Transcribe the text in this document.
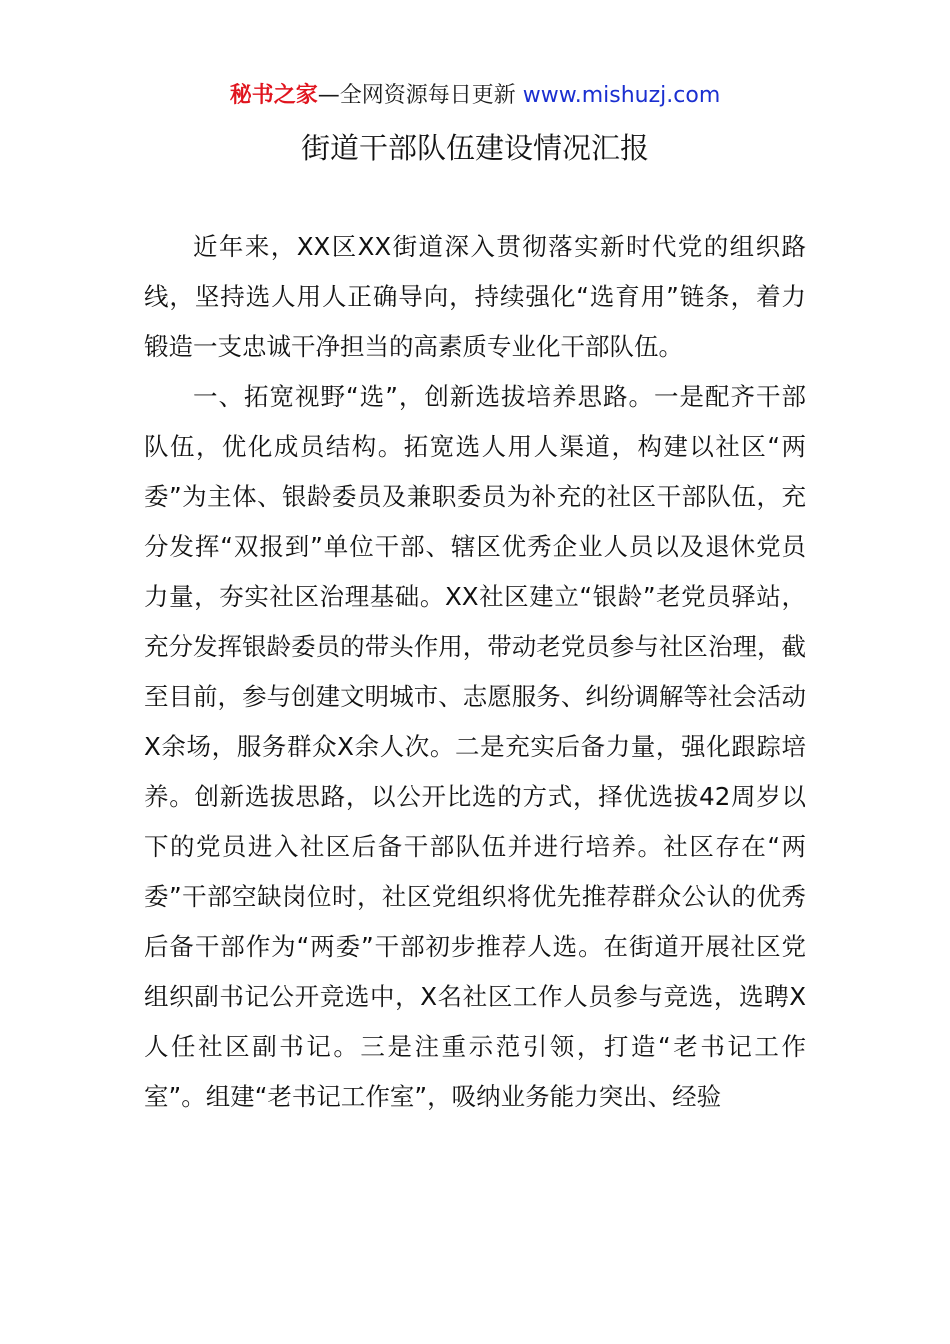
秘书之家—全网资源每日更新 www.mishuzj.com
街道干部队伍建设情况汇报

近年来，XX区XX街道深入贯彻落实新时代党的组织路线，坚持选人用人正确导向，持续强化“选育用”链条，着力锻造一支忠诚干净担当的高素质专业化干部队伍。

一、拓宽视野“选”，创新选拔培养思路。一是配齐干部队伍，优化成员结构。拓宽选人用人渠道，构建以社区“两委”为主体、银龄委员及兼职委员为补充的社区干部队伍，充分发挥“双报到”单位干部、辖区优秀企业人员以及退休党员力量，夯实社区治理基础。XX社区建立“银龄”老党员驿站，充分发挥银龄委员的带头作用，带动老党员参与社区治理，截至目前，参与创建文明城市、志愿服务、纠纷调解等社会活动X余场，服务群众X余人次。二是充实后备力量，强化跟踪培养。创新选拔思路，以公开比选的方式，择优选拔42周岁以下的党员进入社区后备干部队伍并进行培养。社区存在“两委”干部空缺岗位时，社区党组织将优先推荐群众公认的优秀后备干部作为“两委”干部初步推荐人选。在街道开展社区党组织副书记公开竞选中，X名社区工作人员参与竞选，选聘X人任社区副书记。三是注重示范引领，打造“老书记工作室”。组建“老书记工作室”，吸纳业务能力突出、经验
